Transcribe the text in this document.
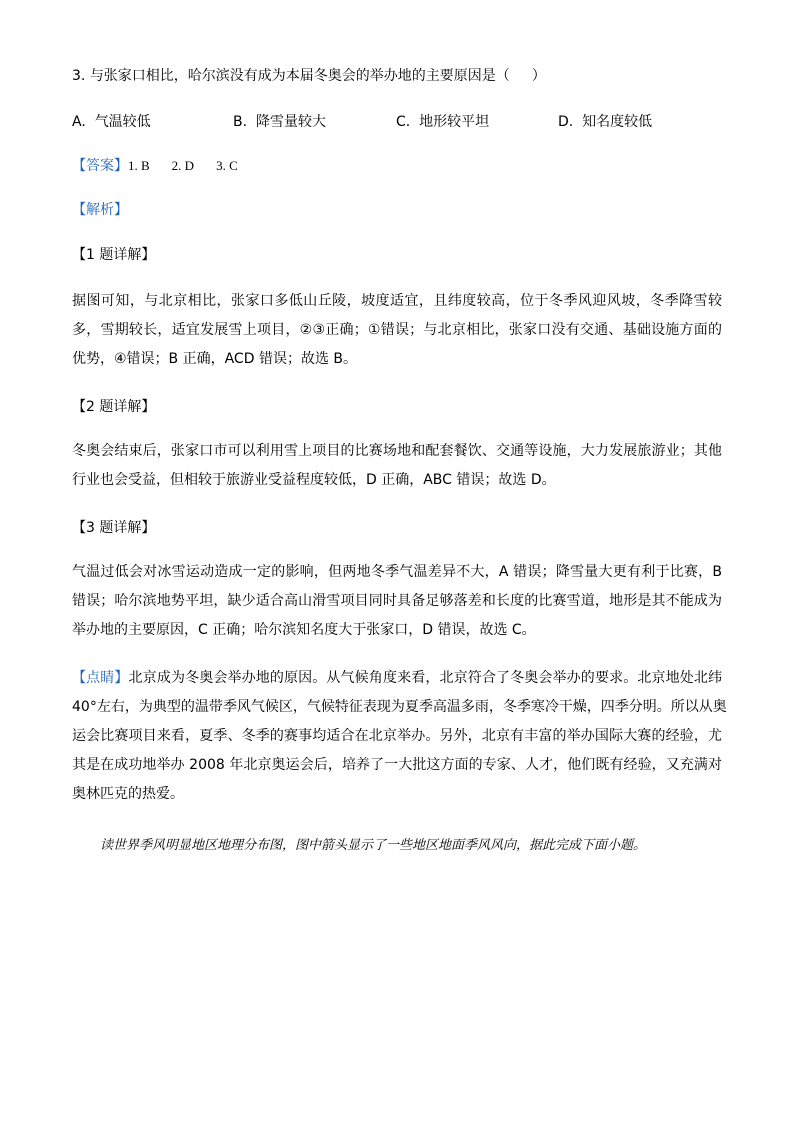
3. 与张家口相比，哈尔滨没有成为本届冬奥会的举办地的主要原因是（ ）
A. 气温较低	B. 降雪量较大	C. 地形较平坦	D. 知名度较低
【答案】1. B 2. D 3. C
【解析】
【1 题详解】
据图可知，与北京相比，张家口多低山丘陵，坡度适宜，且纬度较高，位于冬季风迎风坡，冬季降雪较
多，雪期较长，适宜发展雪上项目，②③正确；①错误；与北京相比，张家口没有交通、基础设施方面的
优势，④错误；B 正确，ACD 错误；故选 B。
【2 题详解】
冬奥会结束后，张家口市可以利用雪上项目的比赛场地和配套餐饮、交通等设施，大力发展旅游业；其他
行业也会受益，但相较于旅游业受益程度较低，D 正确，ABC 错误；故选 D。
【3 题详解】
气温过低会对冰雪运动造成一定的影响，但两地冬季气温差异不大，A 错误；降雪量大更有利于比赛，B
错误；哈尔滨地势平坦，缺少适合高山滑雪项目同时具备足够落差和长度的比赛雪道，地形是其不能成为
举办地的主要原因，C 正确；哈尔滨知名度大于张家口，D 错误，故选 C。
【点睛】北京成为冬奥会举办地的原因。从气候角度来看，北京符合了冬奥会举办的要求。北京地处北纬
40°左右，为典型的温带季风气候区，气候特征表现为夏季高温多雨，冬季寒冷干燥，四季分明。所以从奥
运会比赛项目来看，夏季、冬季的赛事均适合在北京举办。另外，北京有丰富的举办国际大赛的经验，尤
其是在成功地举办 2008 年北京奥运会后，培养了一大批这方面的专家、人才，他们既有经验，又充满对
奥林匹克的热爱。
读世界季风明显地区地理分布图，图中箭头显示了一些地区地面季风风向，据此完成下面小题。
